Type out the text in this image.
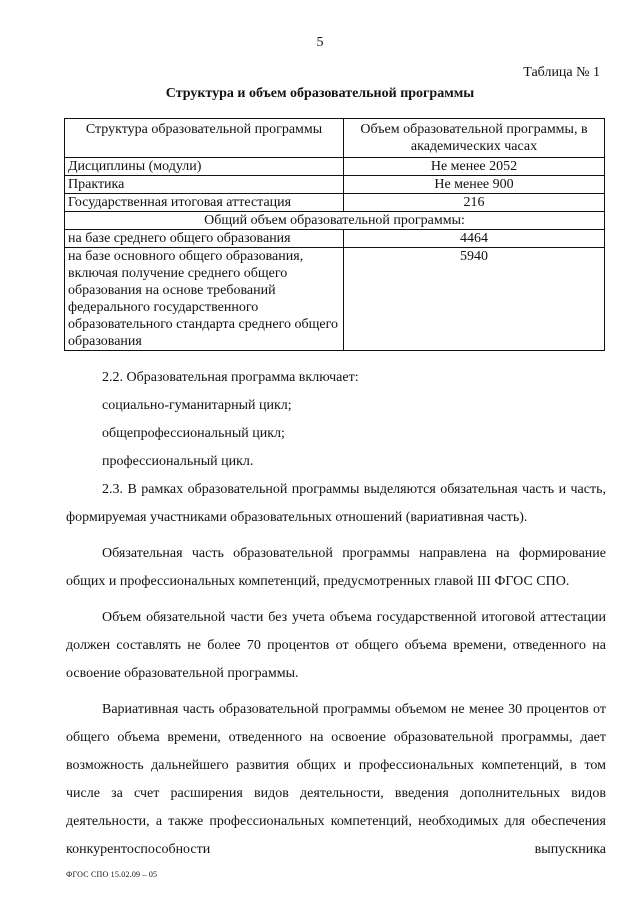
5
Таблица № 1
Структура и объем образовательной программы
Структура образовательной программы	Объем образовательной программы, в академических часах
Дисциплины (модули)	Не менее 2052
Практика	Не менее 900
Государственная итоговая аттестация	216
Общий объем образовательной программы:	
на базе среднего общего образования	4464
на базе основного общего образования, включая получение среднего общего образования на основе требований федерального государственного образовательного стандарта среднего общего образования	5940

2.2. Образовательная программа включает:

социально-гуманитарный цикл;

общепрофессиональный цикл;

профессиональный цикл.

2.3. В рамках образовательной программы выделяются обязательная часть и часть, формируемая участниками образовательных отношений (вариативная часть).

Обязательная часть образовательной программы направлена на формирование общих и профессиональных компетенций, предусмотренных главой III ФГОС СПО.

Объем обязательной части без учета объема государственной итоговой аттестации должен составлять не более 70 процентов от общего объема времени, отведенного на освоение образовательной программы.

Вариативная часть образовательной программы объемом не менее 30 процентов от общего объема времени, отведенного на освоение образовательной программы, дает возможность дальнейшего развития общих и профессиональных компетенций, в том числе за счет расширения видов деятельности, введения дополнительных видов деятельности, а также профессиональных компетенций, необходимых для обеспечения конкурентоспособности выпускника

ФГОС СПО 15.02.09 – 05
